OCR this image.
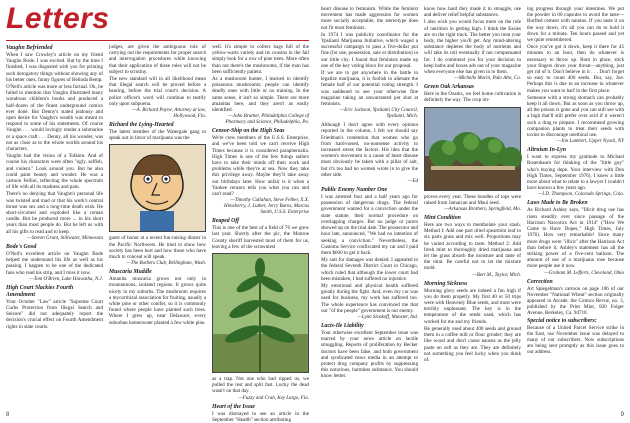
Letters
Vaughn Befriended

When I saw Crowley's article on my friend Vaughn Bode, I was excited. But by the time I finished, I was disgusted with you for printing such derogatory things without showing any of his better ones, funny figures of Belinda Bemp.

O'Neil's article was more or less factual. Ok, he failed to mention that Vaughn illustrated many wondrous children's books and produced a half-dozen of the finest underground comics ever done. But Denny's stated jealousy and open desire for Vaughn's wealth was meant to respond to some of his statements. Of course Vaughn . . . would lovingly render a submarine or a space craft . . . Denny, all his wonder, was not as close as to the whole worlds around his characters.

Vaughn had the vision of a Tolkien. And of course his characters were often "ugly, selfish, and violent." Look around you. But he also could paint beauty and wonder. He was a cartoon Fellini, reflecting the whole spectrum of life with all its madness and pain.

There's no denying that Vaughn's personal life was twisted and mad or that his work's central thrust was sex and a long-time death wish. He short-circuited and exploded like a roman candle. But he produced more ... in his short years than most people do. But he left us with all his gifts to read and to keep.

—Steven Grant, Stillwater, Minnesota
Bode's Good

O'Neil's excellent article on Vaughn Bode helped me understand his life as well as his passing. I happen to be one of the dedicated fans who read his strip, and I miss it now.

—Tom O'Brien, Lake Hiawatha, N.J.
High Court Slackies Fourth Amendment

Your October "Law" article "Supreme Court Curbs Protection from Illegal Search and Seizure" did not adequately report the decision's crucial effect on Fourth Amendment rights in state courts.

judges, are given the ambiguous role of carrying out the requirements for proper search and interrogation procedures while knowing that their application of these rules will not be subject to scrutiny.

The new standard will in all likelihood mean that illegal search will be proved before a hearing, before the trial court's decision. A police officer's word will continue to testify only upon subpoena.

—A. Richard Payne, Attorney at law, Hollywood, Fla.
Richard the Lying-Hearted

The latest member of the Watergate gang to speak out in favor of marijuana was the

guest of honor at a recent fun-raising dinner in the Pacific Northwest. He tried to show how society has been hurt and how those who have much to conceal will speak.

—The Bothers Club, Bellingham, Wash.
Muscaria Muddle

Amanita muscaria grows not only in mountainous, isolated regions. It grows quite nicely in my suburbs. The mushroom requires a mycorrhizal association for fruiting, usually a white pine or other conifer, so it is commonly found where people have planted such trees. Where I grew up, near Delaware, every suburban homeowner planted a few white pine.

well. It's simple to collect bags full of the yellow-warts variety and its cousins in the fall simply look for a row of pine trees. More often than not there's the mushrooms, if the man has been sufficiently patient.

As a mushroom hunter, I learned to identify poisonous mushrooms; people can identify deadly ones with little or no training. In the same sense, it isn't so simple. There are more amanitas here, and they aren't as easily identified.

—John Bruther, Philadelphia College of Pharmacy and Science, Philadelphia, Pa.
Censor-Ship on the High Seas

We're crew members of the U.S.S. Enterprise, and we've been told we can't receive High Times because it is considered paraphernalia. High Times is one of the few things sailors have to take their minds off their work and problems while they're at sea. Now they take this privilege away. Maybe they'll take away our birthdays later. How unfair is it when a Yankee censors tells you what you can and can't read?

—Timothy Cullahan, Steve Felber, X.X. Himsberry, J. Luther, Jerry Burns, Marcus Smith, U.S.S. Enterprise
Reaped Off

This is one of the best of a field of 76 we grew last year. Shortly after the pic, the Monroe County sheriff harvested most of them for us, leaving a few of the scrawniest

as a trap. Not one who had ripped us, we pulled the rest and split fast. Lucky the dead wasn't on that day.

—Fuzzy and Crab, Key Largo, Fla.
Heart of the Issue

I was dismayed to see an article in the September "Health" section attributing

8

heart disease to feminism. While the feminist movement has made aggression for women more socially acceptable, the stereotype does not fit most feminists.

In 1974 I was publicity coordinator for the Ypsilanti Marijuana Initiative, which waged a successful campaign to pass a five-dollar pot fine (for use, possession, sale or distribution) in our little city. I found that feminists made up one of the key voting blocs for our proposal.

If we are to get anywhere in the battle to legalize marijuana, it is foolish to alienate the female half of our potential voting strength. I was saddened to see your otherwise fine magazine taking an unwarranted pot shot at feminists.

—Eric Jackson, Ypsilanti City Council, Ypsilanti, Mich.

Although I don't agree with every opinion reported in the column, I felt we should say Friedman's contention that women who go from hard-nosed, no-nonsense activity to increased stress the factors. His idea that the women's movement is a cause of heart disease must obviously be taken with a pillar of salt, but it's too bad no women wrote in to give the other side.

—Ed
Public Enemy Number One

I was arrested four and a half years ago for possession of dangerous drugs. The federal government wanted for a conviction under the state statute, their normal procedure on overlapping charges. But no judge or jurors showed up on the trial date. The prosecutor and hour late, announced, "We had no intention of seeking a conviction." Nevertheless, the Customs Service confiscated my car and I paid them $600 to get it back.

My suit for damages was denied. I appealed to the federal Seventh District Court in Chicago, which ruled that although the lower court had been mistaken, I had suffered no injustice.

My emotional and physical health suffered greatly during the fight. And, even my car was used for business, my work has suffered too. The whole experience has convinced me that our "of the people" government is our enemy.

—Lynn Sivakoff, Munster, Ind.
Lacts-Ile Liability

Your otherwise excellent September issue was marred by your news article on lactile smuggling. Reports of proliferation by Becker doctors have been false, and both government and syndicated news media in an attempt to protect drug company profits by suppressing this notorious, harmless substance. You should know better.

know how hard they made it to smuggle, use and deliver relief helpful substances.

I also wish you would focus more on the role of nutrition in getting high. I think the Essies are on the right track. The better you treat your body, the higher you'll get. Any mind-altering substance depletes the body of nutrients and will take its toll eventually if not compensated for. I do commend you for your decision to keep baths and boxes ads out of your magazine when everyone else has given in to them.

—Michelle Morin, Palo Alto, Ca.
Green Oak Arkansas

Here in the Ozarks, we feel home cultivation is definitely the way. The crop im-

proves every year. These bundles of tops were raised from Jamaican and Maui seed.

—Arkansas Brothers, Springfield, Mo.
Mint Condition

Here are two ways to mentholate your stash. Method I: Add one part dried spearmint leaf to six parts grass and mix well. Proportions may be varied according to taste. Method 2: Add fresh mint to thoroughly dried marijuana and let the grass absorb the moisture and taste of the mint. Be careful not to let the mixture mold.

—Bert M., Taylor, Mich.
Morning Sickness

Morning glory seeds are indeed a fun high if you do them properly. My first 40 or 50 trips were with Heavenly Blue seeds, and most were terribly unpleasant. The key is in the temperature of the seeds used, which has worked for me and my friends.

He generally used about 400 seeds and ground them in a coffee mill or flour grinder; they are like wood and don't cause nausea as the jelly paste on soft as they are. They are definitely not something you feel lucky when you think of.

ing progress through your intestines. We put the powder in 00 capsules to avoid the taste—Burfted cement with tannins. If you taste it on the way down, it's all you can do to hold it down for a minute. Ten hours passed and yet we quite remembered.

Once you've got it down, keep it there for 45 minutes to an hour, then do whatever is necessary to throw up. Rum in place, stick your fingers down your throat—anything, just get rid of it. Don't believe in it . . . Don't forget so easy to count 400 seeds. But, say, Joe. Perhaps this is due to an increase in whatever makes you want to barf in the first place.

Someone with a strong stomach can probably keep it all down. But as soon as you throw up, all the poison is gone and you can still see with a high that'll still prefer over acid if it weren't such a drag to prepare. I recommend growing companion plants to treat their seeds with toxins to discourage unethical use.

—Jim Lambert, Upper Nyack, NY
Altruism In-Lyn

I want to express my gratitude to Michael Rosenbaum for thinking of the "little guy" who's buying dope. Your interview with Don High Times, September 1976). I knew a little more about what to relate to a lawyer I couldn't have known a few years ago.

—J.D. Thompson, Colorado Springs, Colo.
Laws Made to Be Broken

As Richard Ashley says, "Illicit drug use has risen steadily ever since passage of the Harrison Narcotics Act in 1914" ("How We Came to Have Dopes," High Times, July 1976). How very remarkable! Since many more drugs were "illicit" after the Harrison Act than before it, Ashley's statement has all the striking power of a five-cent balloon. The amount of use of a marijuana rose because more people use it now.

—Graham M. Lefferts, Cleveland, Ohio
Correction

Art Spiegelman's cartoon on page 106 of our November "National Wheat" section originally appeared in Arcade, the Comics Revue, no. 3, published by the Print Mint, 830 Folger Avenue, Berkeley, Ca. 94710.

Special notice to subscribers:

Because of a United Parcel Service strike in the East, our November issue was delayed to many of our subscribers. Now subscriptions are being sent promptly as this issue goes to our address.

9
